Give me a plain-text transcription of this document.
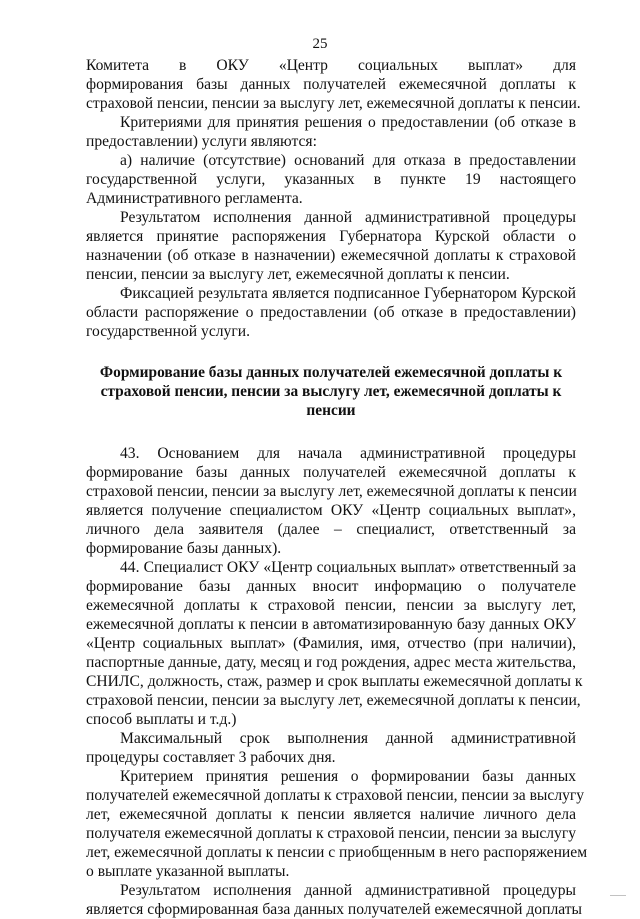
25

Комитета в ОКУ «Центр социальных выплат» для
формирования базы данных получателей ежемесячной доплаты к
страховой пенсии, пенсии за выслугу лет, ежемесячной доплаты к пенсии.

Критериями для принятия решения о предоставлении (об отказе в
предоставлении) услуги являются:

а) наличие (отсутствие) оснований для отказа в предоставлении
государственной услуги, указанных в пункте 19 настоящего
Административного регламента.

Результатом исполнения данной административной процедуры
является принятие распоряжения Губернатора Курской области о
назначении (об отказе в назначении) ежемесячной доплаты к страховой
пенсии, пенсии за выслугу лет, ежемесячной доплаты к пенсии.

Фиксацией результата является подписанное Губернатором Курской
области распоряжение о предоставлении (об отказе в предоставлении)
государственной услуги.

Формирование базы данных получателей ежемесячной доплаты к
страховой пенсии, пенсии за выслугу лет, ежемесячной доплаты к
пенсии

43. Основанием для начала административной процедуры
формирование базы данных получателей ежемесячной доплаты к
страховой пенсии, пенсии за выслугу лет, ежемесячной доплаты к пенсии
является получение специалистом ОКУ «Центр социальных выплат»,
личного дела заявителя (далее – специалист, ответственный за
формирование базы данных).

44. Специалист ОКУ «Центр социальных выплат» ответственный за
формирование базы данных вносит информацию о получателе
ежемесячной доплаты к страховой пенсии, пенсии за выслугу лет,
ежемесячной доплаты к пенсии в автоматизированную базу данных ОКУ
«Центр социальных выплат» (Фамилия, имя, отчество (при наличии),
паспортные данные, дату, месяц и год рождения, адрес места жительства,
СНИЛС, должность, стаж, размер и срок выплаты ежемесячной доплаты к
страховой пенсии, пенсии за выслугу лет, ежемесячной доплаты к пенсии,
способ выплаты и т.д.)

Максимальный срок выполнения данной административной
процедуры составляет 3 рабочих дня.

Критерием принятия решения о формировании базы данных
получателей ежемесячной доплаты к страховой пенсии, пенсии за выслугу
лет, ежемесячной доплаты к пенсии является наличие личного дела
получателя ежемесячной доплаты к страховой пенсии, пенсии за выслугу
лет, ежемесячной доплаты к пенсии с приобщенным в него распоряжением
о выплате указанной выплаты.

Результатом исполнения данной административной процедуры
является сформированная база данных получателей ежемесячной доплаты
